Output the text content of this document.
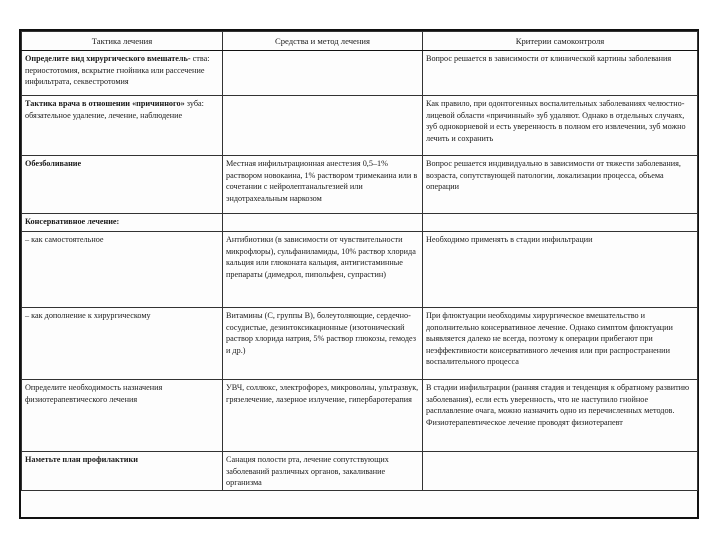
Тактика лечения	Средства и метод лечения	Критерии самоконтроля
Определите вид хирургического вмешатель- ства: периостотомия, вскрытие гнойника или рассечение инфильтрата, секвестротомия		Вопрос решается в зависимости от клинической картины заболевания
Тактика врача в отношении «причинного» зуба: обязательное удаление, лечение, наблюдение		Как правило, при одонтогенных воспалительных заболеваниях челюстно-лицевой области «причинный» зуб удаляют. Однако в отдельных случаях, зуб однокорневой и есть уверенность в полном его извлечении, зуб можно лечить и сохранить
Обезболивание	Местная инфильтрационная анестезия 0,5–1% раствором новокаина, 1% раствором тримекаина или в сочетании с нейролептанальгезией или эндотрахеальным наркозом	Вопрос решается индивидуально в зависимости от тяжести заболевания, возраста, сопутствующей патологии, локализации процесса, объема операции
Консервативное лечение:		
– как самостоятельное	Антибиотики (в зависимости от чувствительности микрофлоры), сульфаниламиды, 10% раствор хлорида кальция или глюконата кальция, антигистаминные препараты (димедрол, пипольфен, супрастин)	Необходимо применять в стадии инфильтрации
– как дополнение к хирургическому	Витамины (С, группы В), болеутоляющие, сердечно-сосудистые, дезинтоксикационные (изотонический раствор хлорида натрия, 5% раствор глюкозы, гемодез и др.)	При флюктуации необходимы хирургическое вмешательство и дополнительно консервативное лечение. Однако симптом флюктуации выявляется далеко не всегда, поэтому к операции прибегают при неэффективности консервативного лечения или при распространении воспалительного процесса
Определите необходимость назначения физиотерапевтического лечения	УВЧ, соллюкс, электрофорез, микроволны, ультразвук, грязелечение, лазерное излучение, гипербаротерапия	В стадии инфильтрации (ранняя стадия и тенденция к обратному развитию заболевания), если есть уверенность, что не наступило гнойное расплавление очага, можно назначить одно из перечисленных методов. Физиотерапевтическое лечение проводят физиотерапевт
Наметьте план профилактики	Санация полости рта, лечение сопутствующих заболеваний различных органов, закаливание организма	
